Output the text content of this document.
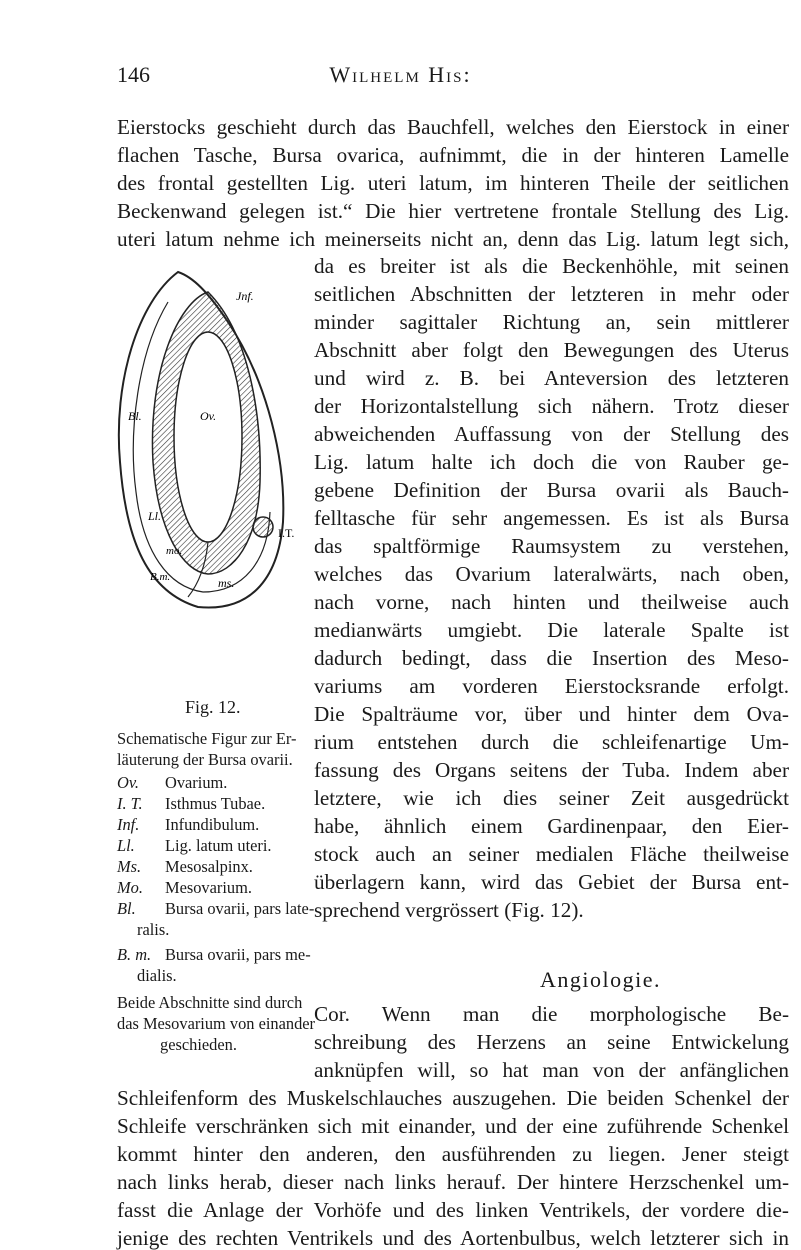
146	Wilhelm His:
Eierstocks geschieht durch das Bauchfell, welches den Eierstock in einer
flachen Tasche, Bursa ovarica, aufnimmt, die in der hinteren Lamelle
des frontal gestellten Lig. uteri latum, im hinteren Theile der seitlichen
Beckenwand gelegen ist.“ Die hier vertretene frontale Stellung des Lig.
uteri latum nehme ich meinerseits nicht an, denn das Lig. latum legt sich,
da es breiter ist als die Beckenhöhle, mit seinen
seitlichen Abschnitten der letzteren in mehr oder
minder sagittaler Richtung an, sein mittlerer
Abschnitt aber folgt den Bewegungen des Uterus
und wird z. B. bei Anteversion des letzteren
der Horizontalstellung sich nähern. Trotz dieser
abweichenden Auffassung von der Stellung des
Lig. latum halte ich doch die von Rauber ge-
gebene Definition der Bursa ovarii als Bauch-
felltasche für sehr angemessen. Es ist als Bursa
das spaltförmige Raumsystem zu verstehen,
welches das Ovarium lateralwärts, nach oben,
nach vorne, nach hinten und theilweise auch
medianwärts umgiebt. Die laterale Spalte ist
dadurch bedingt, dass die Insertion des Meso-
variums am vorderen Eierstocksrande erfolgt.
Die Spalträume vor, über und hinter dem Ova-
rium entstehen durch die schleifenartige Um-
fassung des Organs seitens der Tuba. Indem aber
letztere, wie ich dies seiner Zeit ausgedrückt
habe, ähnlich einem Gardinenpaar, den Eier-
stock auch an seiner medialen Fläche theilweise
überlagern kann, wird das Gebiet der Bursa ent-
sprechend vergrössert (Fig. 12).
Angiologie.
Cor. Wenn man die morphologische Be-
schreibung des Herzens an seine Entwickelung
anknüpfen will, so hat man von der anfänglichen
Schleifenform des Muskelschlauches auszugehen. Die beiden Schenkel der
Schleife verschränken sich mit einander, und der eine zuführende Schenkel
kommt hinter den anderen, den ausführenden zu liegen. Jener steigt
nach links herab, dieser nach links herauf. Der hintere Herzschenkel um-
fasst die Anlage der Vorhöfe und des linken Ventrikels, der vordere die-
jenige des rechten Ventrikels und des Aortenbulbus, welch letzterer sich in
Jnf.
Bl.	Ov.
Ll.
I.T.
mo.
B.m.	ms.
Fig. 12.
Schematische Figur zur Er-
läuterung der Bursa ovarii.
Ov. Ovarium.
I. T. Isthmus Tubae.
Inf. Infundibulum.
Ll. Lig. latum uteri.
Ms. Mesosalpinx.
Mo. Mesovarium.
Bl. Bursa ovarii, pars late-
ralis.
B. m. Bursa ovarii, pars me-
dialis.
Beide Abschnitte sind durch
das Mesovarium von einander
geschieden.
